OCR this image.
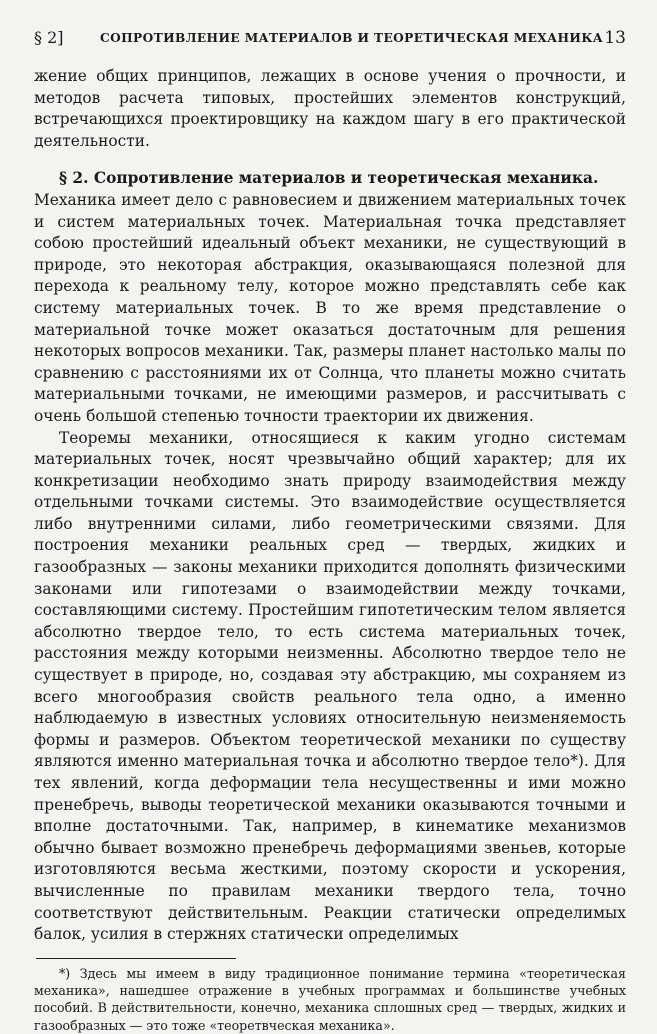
§ 2]	СОПРОТИВЛЕНИЕ МАТЕРИАЛОВ И ТЕОРЕТИЧЕСКАЯ МЕХАНИКА 13

жение общих принципов, лежащих в основе учения о прочности, и методов расчета типовых, простейших элементов конструкций, встречающихся проектировщику на каждом шагу в его практической деятельности.

§ 2. Сопротивление материалов и теоретическая механика.
Механика имеет дело с равновесием и движением материальных точек и систем материальных точек. Материальная точка представляет собою простейший идеальный объект механики, не существующий в природе, это некоторая абстракция, оказывающаяся полезной для перехода к реальному телу, которое можно представлять себе как систему материальных точек. В то же время представление о материальной точке может оказаться достаточным для решения некоторых вопросов механики. Так, размеры планет настолько малы по сравнению с расстояниями их от Солнца, что планеты можно считать материальными точками, не имеющими размеров, и рассчитывать с очень большой степенью точности траектории их движения.

Теоремы механики, относящиеся к каким угодно системам материальных точек, носят чрезвычайно общий характер; для их конкретизации необходимо знать природу взаимодействия между отдельными точками системы. Это взаимодействие осуществляется либо внутренними силами, либо геометрическими связями. Для построения механики реальных сред — твердых, жидких и газообразных — законы механики приходится дополнять физическими законами или гипотезами о взаимодействии между точками, составляющими систему. Простейшим гипотетическим телом является абсолютно твердое тело, то есть система материальных точек, расстояния между которыми неизменны. Абсолютно твердое тело не существует в природе, но, создавая эту абстракцию, мы сохраняем из всего многообразия свойств реального тела одно, а именно наблюдаемую в известных условиях относительную неизменяемость формы и размеров. Объектом теоретической механики по существу являются именно материальная точка и абсолютно твердое тело*). Для тех явлений, когда деформации тела несущественны и ими можно пренебречь, выводы теоретической механики оказываются точными и вполне достаточными. Так, например, в кинематике механизмов обычно бывает возможно пренебречь деформациями звеньев, которые изготовляются весьма жесткими, поэтому скорости и ускорения, вычисленные по правилам механики твердого тела, точно соответствуют действительным. Реакции статически определимых балок, усилия в стержнях статически определимых

*) Здесь мы имеем в виду традиционное понимание термина «теоретическая механика», нашедшее отражение в учебных программах и большинстве учебных пособий. В действительности, конечно, механика сплошных сред — твердых, жидких и газообразных — это тоже «теоретвческая механика».
